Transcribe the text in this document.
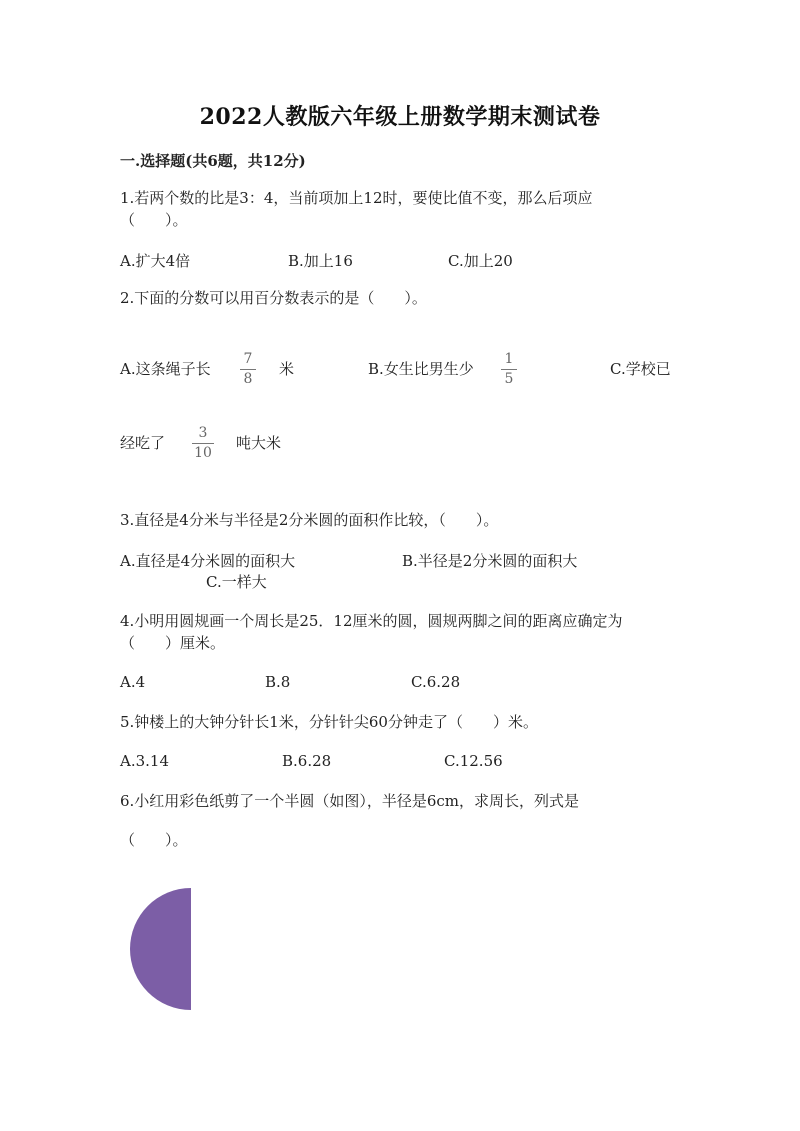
2022人教版六年级上册数学期末测试卷
一.选择题(共6题，共12分)
1.若两个数的比是3：4，当前项加上12时，要使比值不变，那么后项应
（　　）。
A.扩大4倍	B.加上16	C.加上20
2.下面的分数可以用百分数表示的是（　　）。
A.这条绳子长
7
8
米	B.女生比男生少
1
5
C.学校已
经吃了
3
10
吨大米
3.直径是4分米与半径是2分米圆的面积作比较，（　　）。
A.直径是4分米圆的面积大	B.半径是2分米圆的面积大
C.一样大
4.小明用圆规画一个周长是25．12厘米的圆，圆规两脚之间的距离应确定为
（　　）厘米。
A.4	B.8	C.6.28
5.钟楼上的大钟分针长1米，分针针尖60分钟走了（　　）米。
A.3.14	B.6.28	C.12.56
6.小红用彩色纸剪了一个半圆（如图），半径是6cm，求周长，列式是
（　　）。
